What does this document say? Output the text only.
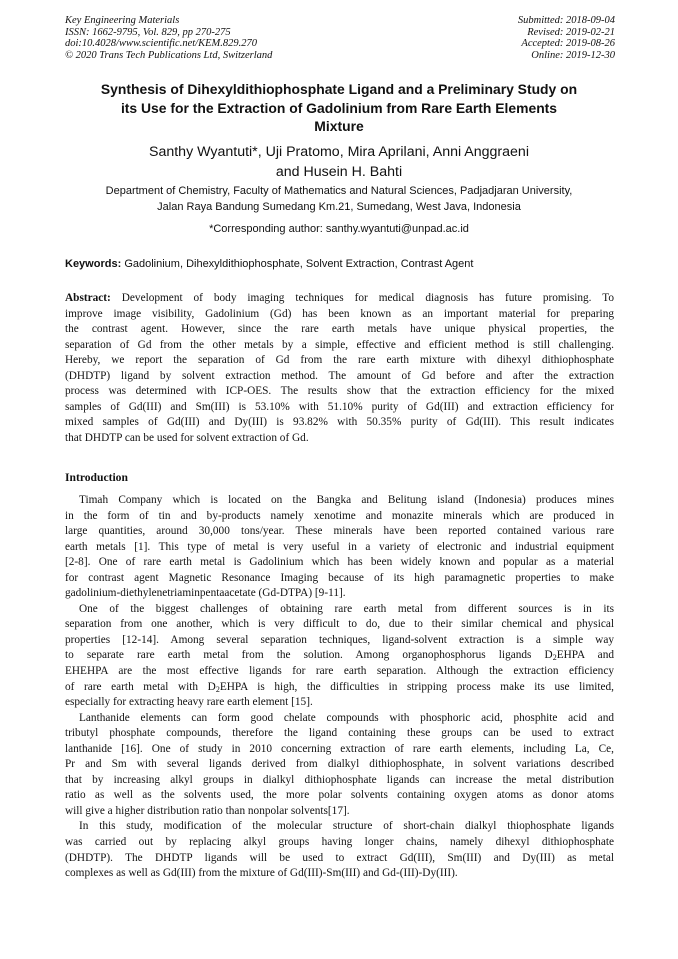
Key Engineering Materials
ISSN: 1662-9795, Vol. 829, pp 270-275
doi:10.4028/www.scientific.net/KEM.829.270
© 2020 Trans Tech Publications Ltd, Switzerland
Submitted: 2018-09-04
Revised: 2019-02-21
Accepted: 2019-08-26
Online: 2019-12-30
Synthesis of Dihexyldithiophosphate Ligand and a Preliminary Study on
its Use for the Extraction of Gadolinium from Rare Earth Elements
Mixture
Santhy Wyantuti*, Uji Pratomo, Mira Aprilani, Anni Anggraeni
and Husein H. Bahti
Department of Chemistry, Faculty of Mathematics and Natural Sciences, Padjadjaran University,
Jalan Raya Bandung Sumedang Km.21, Sumedang, West Java, Indonesia
*Corresponding author: santhy.wyantuti@unpad.ac.id
Keywords: Gadolinium, Dihexyldithiophosphate, Solvent Extraction, Contrast Agent
Abstract: Development of body imaging techniques for medical diagnosis has future promising. To
improve image visibility, Gadolinium (Gd) has been known as an important material for preparing
the contrast agent. However, since the rare earth metals have unique physical properties, the
separation of Gd from the other metals by a simple, effective and efficient method is still challenging.
Hereby, we report the separation of Gd from the rare earth mixture with dihexyl dithiophosphate
(DHDTP) ligand by solvent extraction method. The amount of Gd before and after the extraction
process was determined with ICP-OES. The results show that the extraction efficiency for the mixed
samples of Gd(III) and Sm(III) is 53.10% with 51.10% purity of Gd(III) and extraction efficiency for
mixed samples of Gd(III) and Dy(III) is 93.82% with 50.35% purity of Gd(III). This result indicates
that DHDTP can be used for solvent extraction of Gd.
Introduction
Timah Company which is located on the Bangka and Belitung island (Indonesia) produces mines
in the form of tin and by-products namely xenotime and monazite minerals which are produced in
large quantities, around 30,000 tons/year. These minerals have been reported contained various rare
earth metals [1]. This type of metal is very useful in a variety of electronic and industrial equipment
[2-8]. One of rare earth metal is Gadolinium which has been widely known and popular as a material
for contrast agent Magnetic Resonance Imaging because of its high paramagnetic properties to make
gadolinium-diethylenetriaminpentaacetate (Gd-DTPA) [9-11].
One of the biggest challenges of obtaining rare earth metal from different sources is in its
separation from one another, which is very difficult to do, due to their similar chemical and physical
properties [12-14]. Among several separation techniques, ligand-solvent extraction is a simple way
to separate rare earth metal from the solution. Among organophosphorus ligands $D_2EHPA$ and
EHEHPA are the most effective ligands for rare earth separation. Although the extraction efficiency
of rare earth metal with $D_2EHPA$ is high, the difficulties in stripping process make its use limited,
especially for extracting heavy rare earth element [15].
Lanthanide elements can form good chelate compounds with phosphoric acid, phosphite acid and
tributyl phosphate compounds, therefore the ligand containing these groups can be used to extract
lanthanide [16]. One of study in 2010 concerning extraction of rare earth elements, including La, Ce,
Pr and Sm with several ligands derived from dialkyl dithiophosphate, in solvent variations described
that by increasing alkyl groups in dialkyl dithiophosphate ligands can increase the metal distribution
ratio as well as the solvents used, the more polar solvents containing oxygen atoms as donor atoms
will give a higher distribution ratio than nonpolar solvents[17].
In this study, modification of the molecular structure of short-chain dialkyl thiophosphate ligands
was carried out by replacing alkyl groups having longer chains, namely dihexyl dithiophosphate
(DHDTP). The DHDTP ligands will be used to extract Gd(III), Sm(III) and Dy(III) as metal
complexes as well as Gd(III) from the mixture of Gd(III)-Sm(III) and Gd-(III)-Dy(III).
